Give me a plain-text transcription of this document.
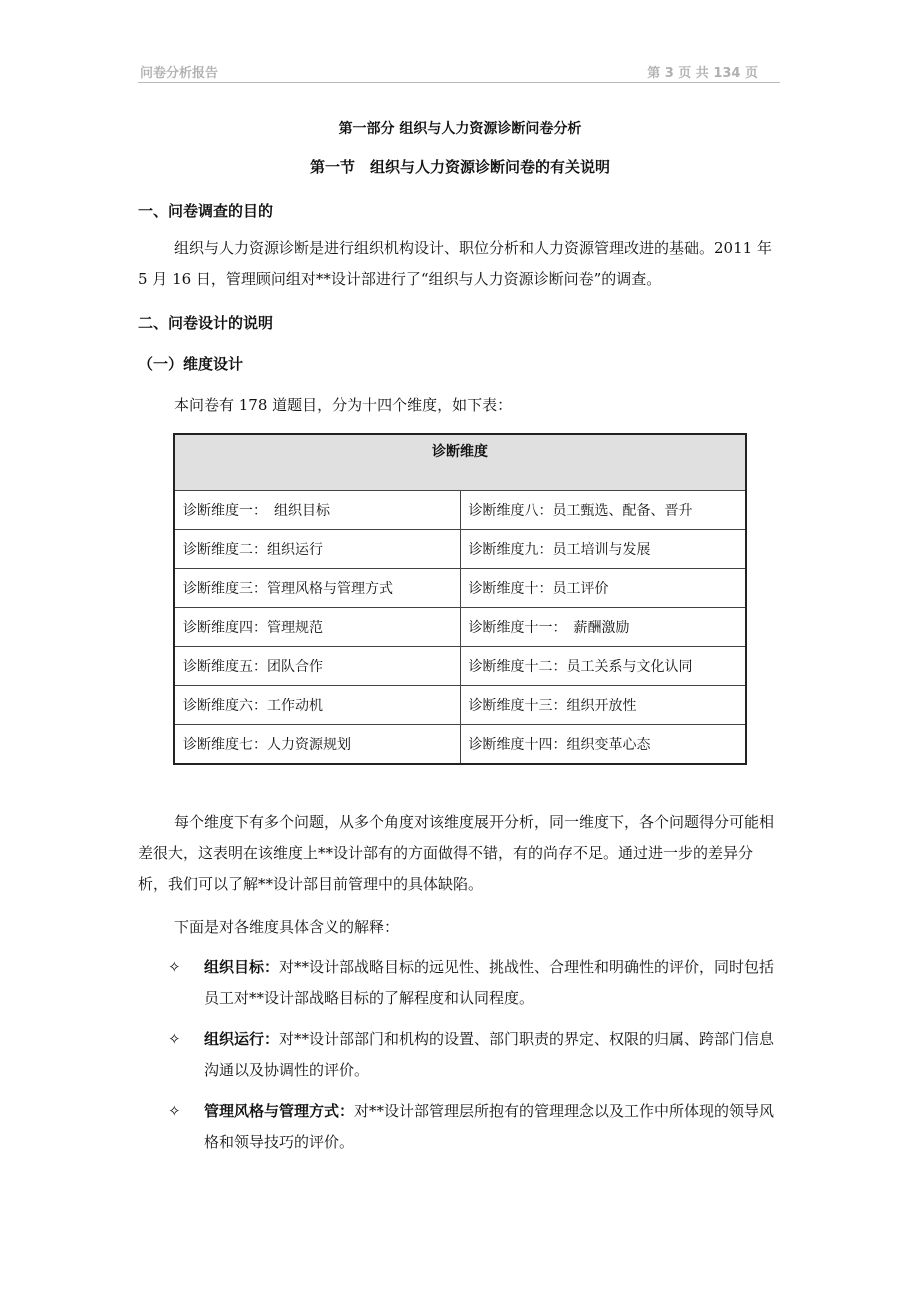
问卷分析报告	第 3 页 共 134 页
第一部分 组织与人力资源诊断问卷分析
第一节　组织与人力资源诊断问卷的有关说明
一、问卷调查的目的

组织与人力资源诊断是进行组织机构设计、职位分析和人力资源管理改进的基础。2011 年 5 月 16 日，管理顾问组对**设计部进行了“组织与人力资源诊断问卷”的调查。

二、问卷设计的说明
（一）维度设计

本问卷有 178 道题目，分为十四个维度，如下表：

诊断维度	
诊断维度一：　组织目标	诊断维度八：员工甄选、配备、晋升
诊断维度二：组织运行	诊断维度九：员工培训与发展
诊断维度三：管理风格与管理方式	诊断维度十：员工评价
诊断维度四：管理规范	诊断维度十一：　薪酬激励
诊断维度五：团队合作	诊断维度十二：员工关系与文化认同
诊断维度六：工作动机	诊断维度十三：组织开放性
诊断维度七：人力资源规划	诊断维度十四：组织变革心态

每个维度下有多个问题，从多个角度对该维度展开分析，同一维度下，各个问题得分可能相差很大，这表明在该维度上**设计部有的方面做得不错，有的尚存不足。通过进一步的差异分析，我们可以了解**设计部目前管理中的具体缺陷。

下面是对各维度具体含义的解释：

✧ 组织目标：对**设计部战略目标的远见性、挑战性、合理性和明确性的评价，同时包括员工对**设计部战略目标的了解程度和认同程度。
✧ 组织运行：对**设计部部门和机构的设置、部门职责的界定、权限的归属、跨部门信息沟通以及协调性的评价。
✧ 管理风格与管理方式：对**设计部管理层所抱有的管理理念以及工作中所体现的领导风格和领导技巧的评价。
